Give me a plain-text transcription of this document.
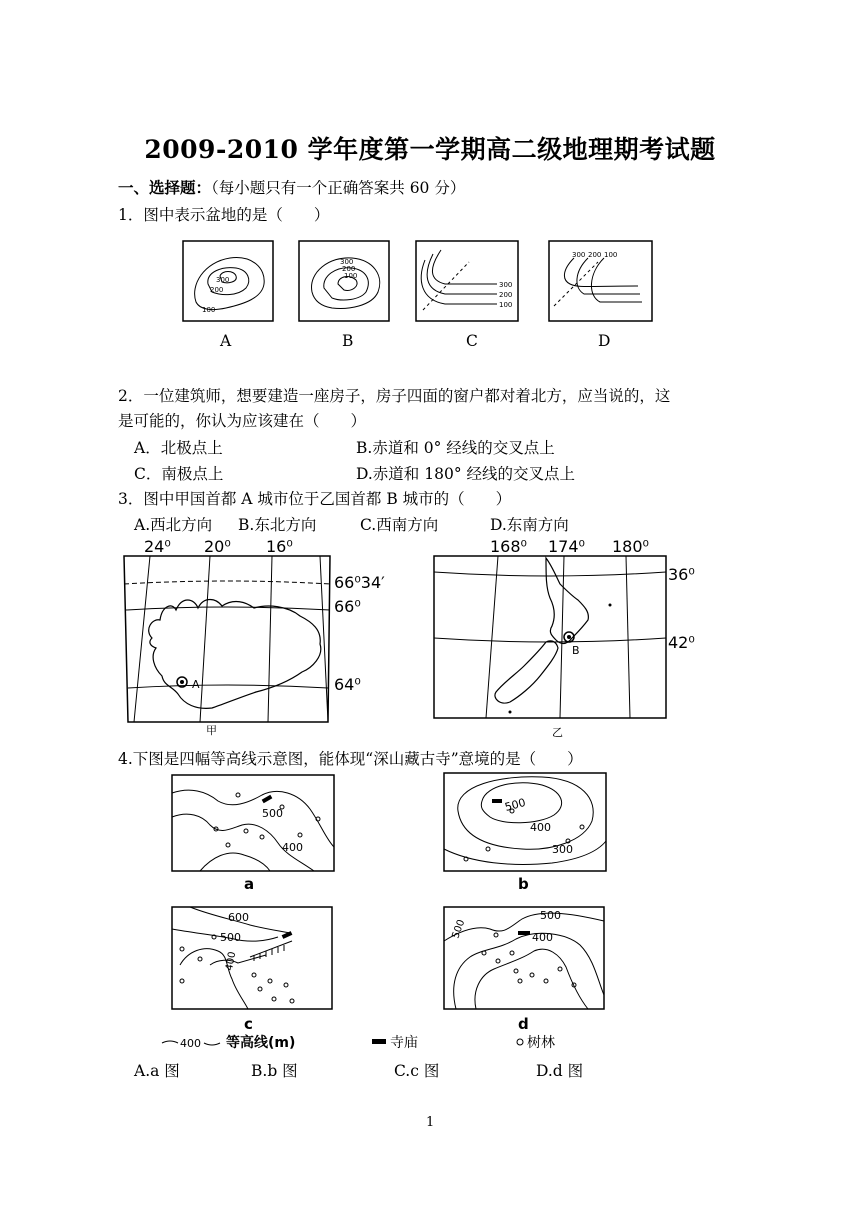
2009-2010 学年度第一学期高二级地理期考试题
一、选择题：（每小题只有一个正确答案共 60 分）
1．图中表示盆地的是（　　）
300
200
100
300
200
100
300
200
100
300 200 100
A	B	C	D
2．一位建筑师，想要建造一座房子，房子四面的窗户都对着北方，应当说的，这
是可能的，你认为应该建在（　　）
A．北极点上	B.赤道和 0° 经线的交叉点上
C．南极点上	D.赤道和 180° 经线的交叉点上
3．图中甲国首都 A 城市位于乙国首都 B 城市的（　　）
A.西北方向 B.东北方向	C.西南方向	D.东南方向
24⁰ 20⁰ 16⁰
66⁰34′
66⁰
64⁰
A
甲
168⁰ 174⁰ 180⁰
36⁰
42⁰
B
乙
4.下图是四幅等高线示意图，能体现“深山藏古寺”意境的是（　　）
500
400
a
500
400
300
b
600
500
400
c
500
400
500
d
400 等高线(m)	寺庙	树林
A.a 图	B.b 图	C.c 图	D.d 图
1
